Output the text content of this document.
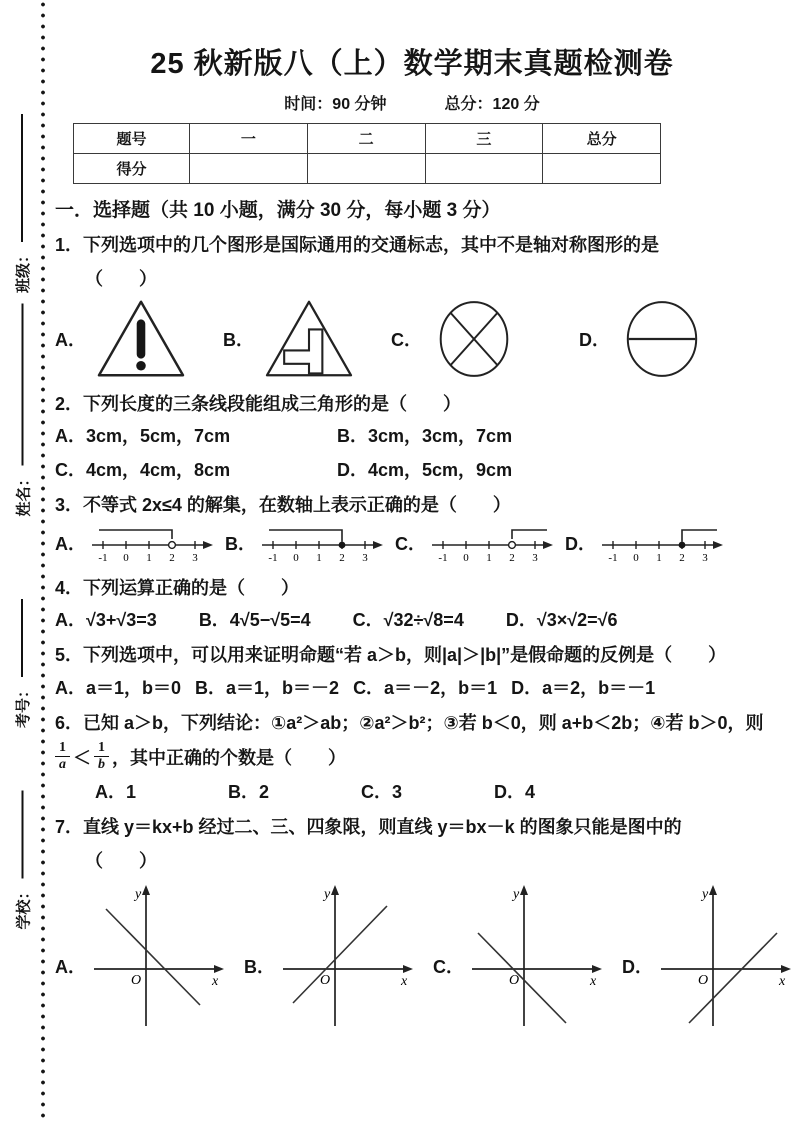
班级：
姓名：
考号：
学校：
25 秋新版八（上）数学期末真题检测卷
时间：90 分钟	总分：120 分
题号	一	二	三	总分
得分				
一．选择题（共 10 小题，满分 30 分，每小题 3 分）
1．下列选项中的几个图形是国际通用的交通标志，其中不是轴对称图形的是
（　　）
A．	B．	C．	D．
2．下列长度的三条线段能组成三角形的是（　　）
A．3cm，5cm，7cm	B．3cm，3cm，7cm
C．4cm，4cm，8cm	D．4cm，5cm，9cm
3．不等式 2x≤4 的解集，在数轴上表示正确的是（　　）
A．
-1 0 1 2 3
B．
-1 0 1 2 3
C．
-1 0 1 2 3
D．
-1 0 1 2 3
4．下列运算正确的是（　　）
A．√3+√3=3 B．4√5−√5=4 C．√32÷√8=4 D．√3×√2=√6
5．下列选项中，可以用来证明命题“若 a＞b，则|a|＞|b|”是假命题的反例是（　　）
A．a＝1，b＝0 B．a＝1，b＝－2 C．a＝－2，b＝1 D．a＝2，b＝－1
6．已知 a＞b，下列结论：①a²＞ab；②a²＞b²；③若 b＜0，则 a+b＜2b；④若 b＞0，则
$\frac{1}{a} < \frac{1}{b}$ ，其中正确的个数是（　　）
A．1	B．2	C．3	D．4
7．直线 y＝kx+b 经过二、三、四象限，则直线 y＝bx－k 的图象只能是图中的
（　　）
A．
y
x
O
B．
y
x
O
C．
y
x
O
D．
y
x
O
